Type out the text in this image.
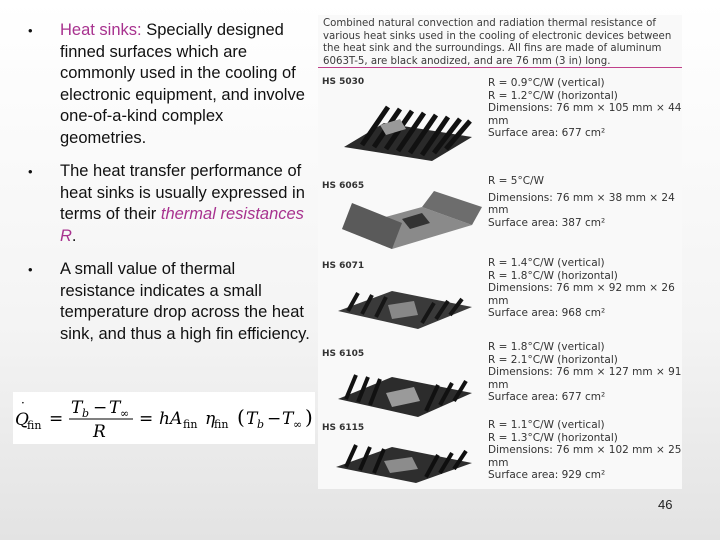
•	Heat sinks: Specially designed finned surfaces which are commonly used in the cooling of electronic equipment, and involve one-of-a-kind complex geometries.
•	The heat transfer performance of heat sinks is usually expressed in terms of their thermal resistances R.
•	A small value of thermal resistance indicates a small temperature drop across the heat sink, and thus a high fin efficiency.
Q
·
fin =
T b − T ∞
R
= hA fin η
fin ( T b − T ∞ )
Combined natural convection and radiation thermal resistance of various heat sinks used in the cooling of electronic devices between the heat sink and the surroundings. All fins are made of aluminum 6063T-5, are black anodized, and are 76 mm (3 in) long.
HS 5030	R = 0.9°C/W (vertical)
R = 1.2°C/W (horizontal)
Dimensions: 76 mm × 105 mm × 44 mm
Surface area: 677 cm²
HS 6065	R = 5°C/W
Dimensions: 76 mm × 38 mm × 24 mm
Surface area: 387 cm²
HS 6071	R = 1.4°C/W (vertical)
R = 1.8°C/W (horizontal)
Dimensions: 76 mm × 92 mm × 26 mm
Surface area: 968 cm²
HS 6105
R = 1.8°C/W (vertical)
R = 2.1°C/W (horizontal)
Dimensions: 76 mm × 127 mm × 91 mm
Surface area: 677 cm²
HS 6115	R = 1.1°C/W (vertical)
R = 1.3°C/W (horizontal)
Dimensions: 76 mm × 102 mm × 25 mm
Surface area: 929 cm²
46
